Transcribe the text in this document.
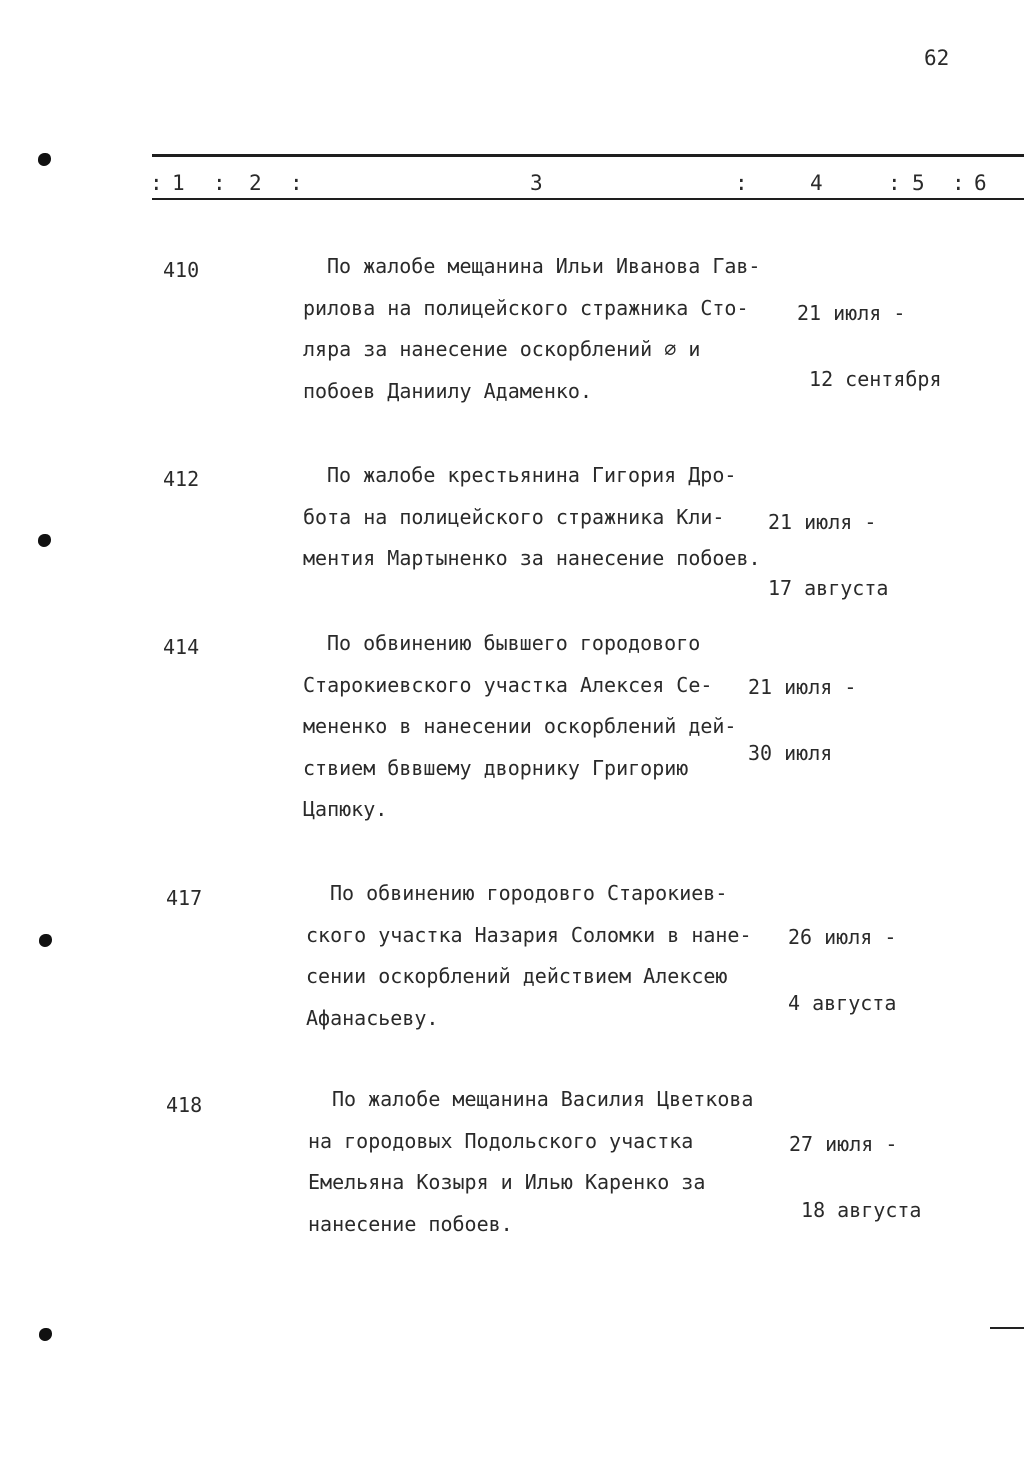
62
: 1 : 2 :	3	:	4	: 5 : 6
410	По жалобе мещанина Ильи Иванова Гав-
рилова на полицейского стражника Сто-
ляра за нанесение оскорблений ∅ и
побоев Даниилу Адаменко.

21 июля -

12 сентября

412	По жалобе крестьянина Гигория Дро-
бота на полицейского стражника Кли-
ментия Мартыненко за нанесение побоев.

21 июля -

17 августа

414	По обвинению бывшего городового
Старокиевского участка Алексея Се-
мененко в нанесении оскорблений дей-
ствием бввшему дворнику Григорию
Цапюку.

21 июля -

30 июля

417	По обвинению городовго Старокиев-
ского участка Назария Соломки в нане-
сении оскорблений действием Алексею
Афанасьеву.

26 июля -

4 августа

418	По жалобе мещанина Василия Цветкова
на городовых Подольского участка
Емельяна Козыря и Илью Каренко за
нанесение побоев.

27 июля -

18 августа
